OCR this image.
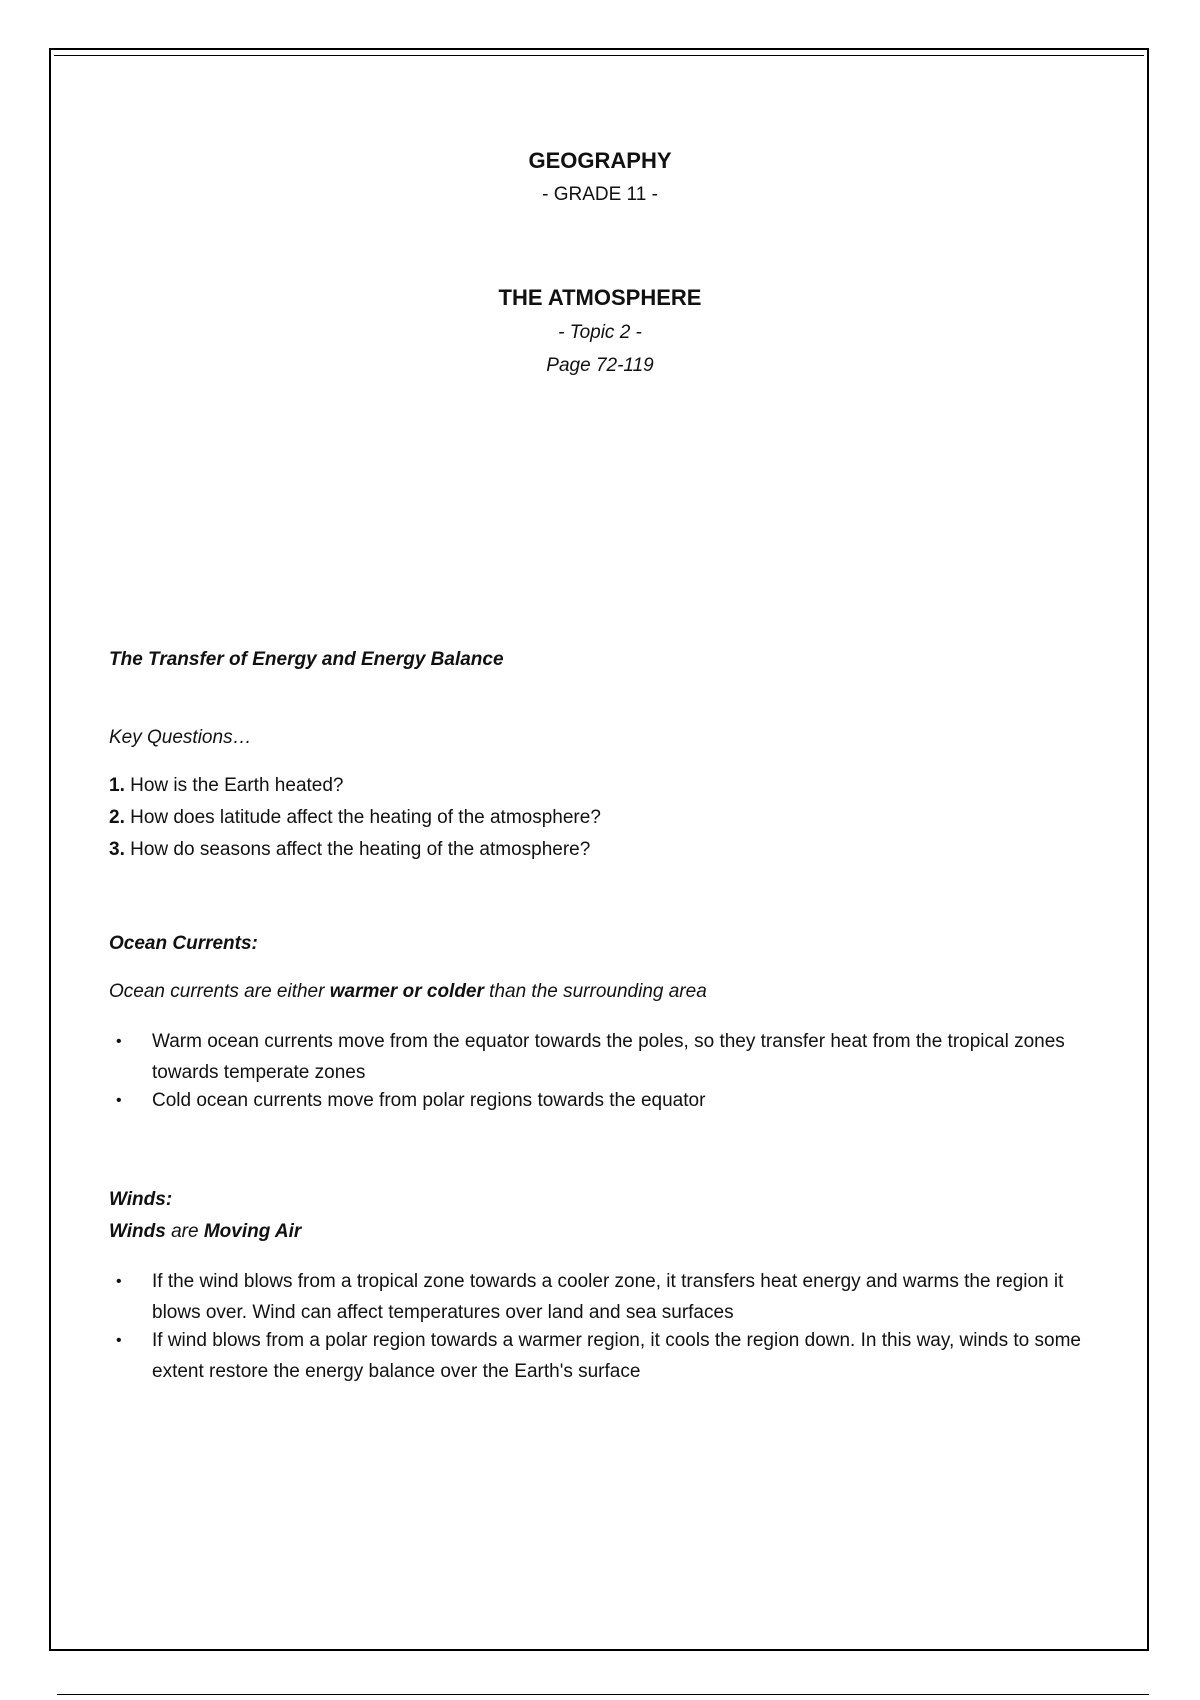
GEOGRAPHY
- GRADE 11 -
THE ATMOSPHERE
- Topic 2 -
Page 72-119
The Transfer of Energy and Energy Balance
Key Questions…
1. How is the Earth heated?
2. How does latitude affect the heating of the atmosphere?
3. How do seasons affect the heating of the atmosphere?
Ocean Currents:
Ocean currents are either warmer or colder than the surrounding area
• Warm ocean currents move from the equator towards the poles, so they transfer heat from the tropical zones towards temperate zones
• Cold ocean currents move from polar regions towards the equator
Winds:
Winds are Moving Air
• If the wind blows from a tropical zone towards a cooler zone, it transfers heat energy and warms the region it blows over. Wind can affect temperatures over land and sea surfaces
• If wind blows from a polar region towards a warmer region, it cools the region down. In this way, winds to some extent restore the energy balance over the Earth's surface
